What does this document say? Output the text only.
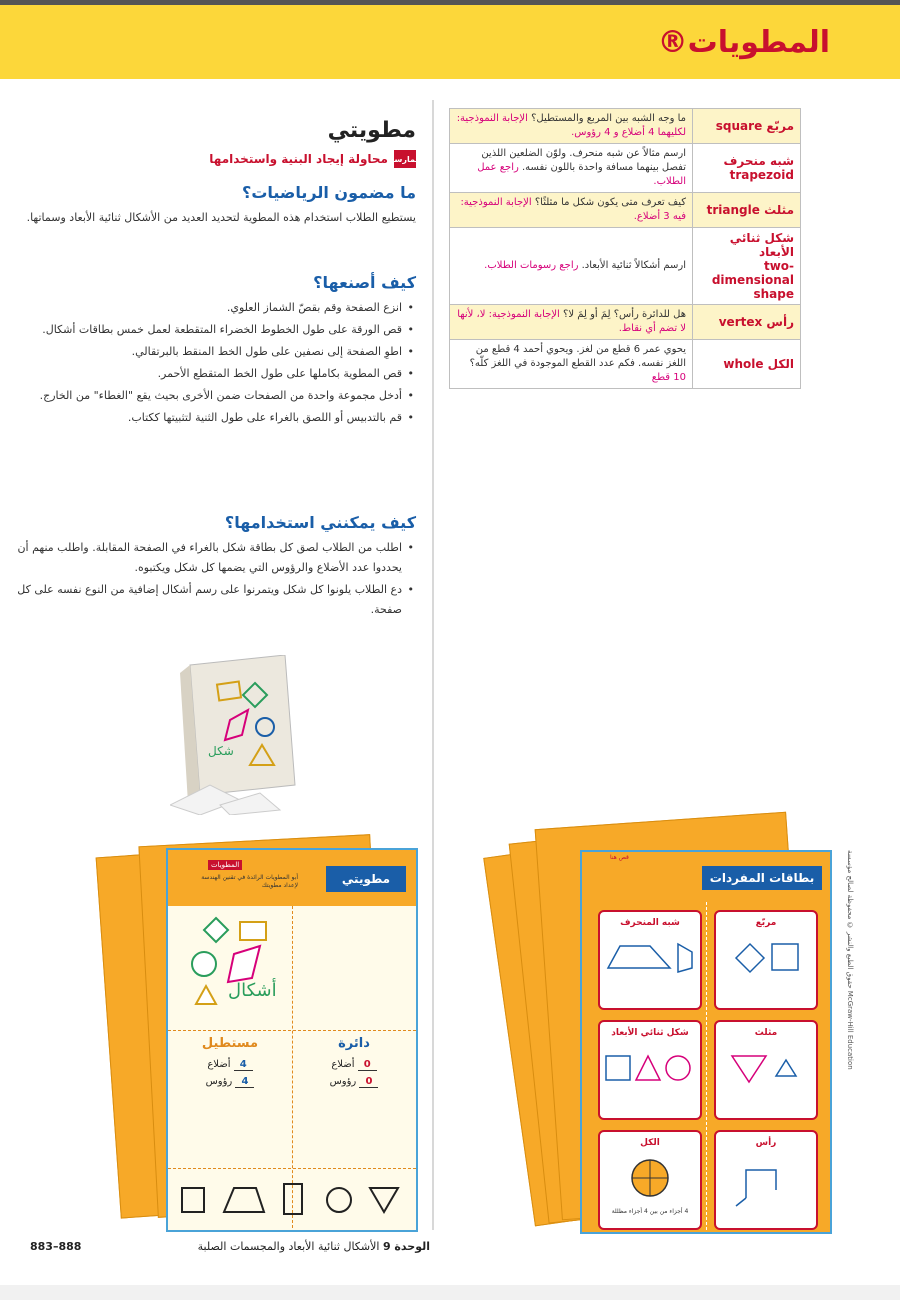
المطويات®
مربّع square	ما وجه الشبه بين المربع والمستطيل؟ الإجابة النموذجية: لكليهما 4 أضلاع و 4 رؤوس.
شبه منحرف trapezoid	ارسم مثالاً عن شبه منحرف. ولوّن الضلعين اللذين تفصل بينهما مسافة واحدة باللون نفسه. راجع عمل الطلاب.
مثلث triangle	كيف تعرف متى يكون شكل ما مثلثًا؟ الإجابة النموذجية: فيه 3 أضلاع.

شكل ثنائي الأبعاد
two-dimensional shape	ارسم أشكالاً ثنائية الأبعاد. راجع رسومات الطلاب.
رأس vertex	هل للدائرة رأس؟ لِمَ أو لِمَ لا؟ الإجابة النموذجية: لا، لأنها لا تضم أي نقاط.
الكل whole	يحوي عمر 6 قطع من لغز. ويحوي أحمد 4 قطع من اللغز نفسه. فكم عدد القطع الموجودة في اللغز كلّه؟ 10 قطع
مطويتي
ممارسة
محاولة إيجاد البنية واستخدامها
ما مضمون الرياضيات؟
يستطيع الطلاب استخدام هذه المطوية لتحديد العديد من الأشكال ثنائية الأبعاد وسماتها.
كيف أصنعها؟
• انزع الصفحة وقم بقصّ الشماز العلوي.
• قص الورقة على طول الخطوط الخضراء المتقطعة لعمل خمس بطاقات أشكال.
• اطوِ الصفحة إلى نصفين على طول الخط المنقط بالبرتقالي.
• قص المطوية بكاملها على طول الخط المتقطع الأحمر.
• أدخل مجموعة واحدة من الصفحات ضمن الأخرى بحيث يقع "الغطاء" من الخارج.
• قم بالتدبيس أو اللصق بالغراء على طول الثنية لتثبيتها ككتاب.
كيف يمكنني استخدامها؟
• اطلب من الطلاب لصق كل بطاقة شكل بالغراء في الصفحة المقابلة. واطلب منهم أن يحددوا عدد الأضلاع والرؤوس التي يضمها كل شكل ويكتبوه.
• دع الطلاب يلونوا كل شكل ويتمرنوا على رسم أشكال إضافية من النوع نفسه على كل صفحة.
شكل
مطويتي
المطويات
أبو المطويات الرائدة في تقنين الهندسة لإعداد مطويتك
أشكال
دائرة
0 أضلاع
0 رؤوس
مستطيل
4 أضلاع
4 رؤوس
قص هنا
بطاقات المفردات
مربّع
شبه المنحرف
مثلث
شكل ثنائي الأبعاد
رأس
الكل
4 أجزاء من بين 4 أجزاء مظللة
حقوق الطبع والنشر © محفوظة لصالح مؤسسة McGraw-Hill Education
الوحدة 9 الأشكال ثنائية الأبعاد والمجسمات الصلبة
883–888
